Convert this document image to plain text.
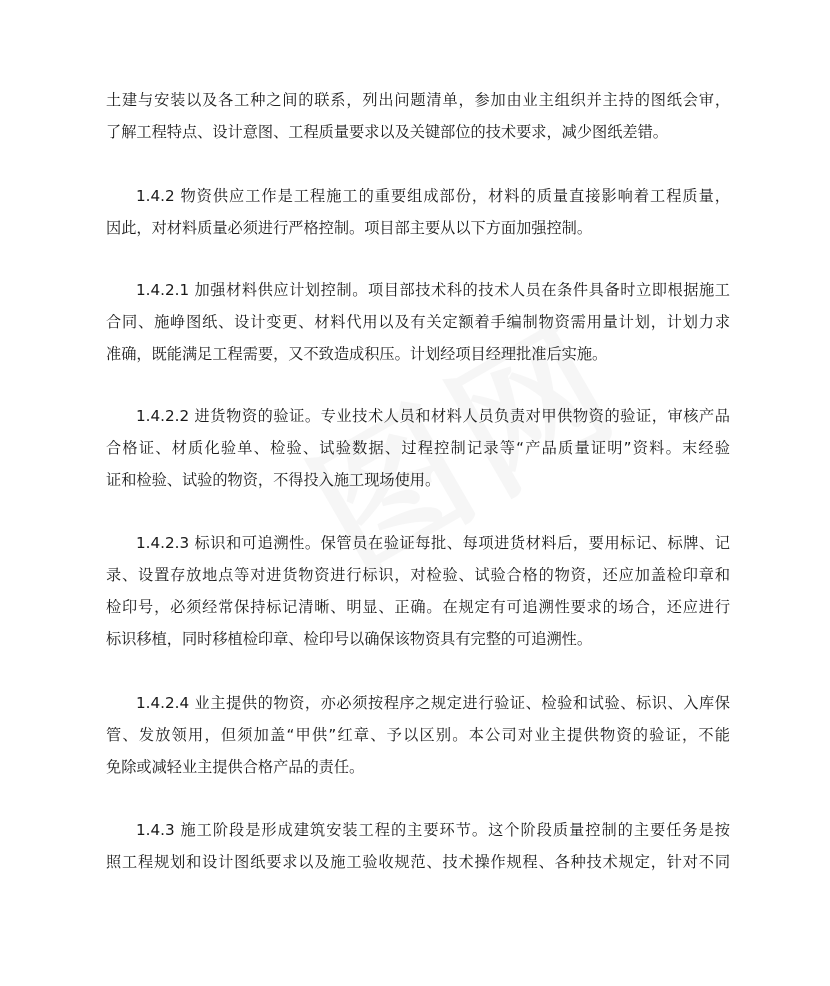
土建与安装以及各工种之间的联系，列出问题清单，参加由业主组织并主持的图纸会审，
了解工程特点、设计意图、工程质量要求以及关键部位的技术要求，减少图纸差错。

1.4.2 物资供应工作是工程施工的重要组成部份，材料的质量直接影响着工程质量，
因此，对材料质量必须进行严格控制。项目部主要从以下方面加强控制。

1.4.2.1 加强材料供应计划控制。项目部技术科的技术人员在条件具备时立即根据施工
合同、施峥图纸、设计变更、材料代用以及有关定额着手编制物资需用量计划，计划力求
准确，既能满足工程需要，又不致造成积压。计划经项目经理批准后实施。

1.4.2.2 进货物资的验证。专业技术人员和材料人员负责对甲供物资的验证，审核产品
合格证、材质化验单、检验、试验数据、过程控制记录等“产品质量证明”资料。末经验
证和检验、试验的物资，不得投入施工现场使用。

1.4.2.3 标识和可追溯性。保管员在验证每批、每项进货材料后，要用标记、标牌、记
录、设置存放地点等对进货物资进行标识，对检验、试验合格的物资，还应加盖检印章和
检印号，必须经常保持标记清晰、明显、正确。在规定有可追溯性要求的场合，还应进行
标识移植，同时移植检印章、检印号以确保该物资具有完整的可追溯性。

1.4.2.4 业主提供的物资，亦必须按程序之规定进行验证、检验和试验、标识、入库保
管、发放领用，但须加盖“甲供”红章、予以区别。本公司对业主提供物资的验证，不能
免除或减轻业主提供合格产品的责任。

1.4.3 施工阶段是形成建筑安装工程的主要环节。这个阶段质量控制的主要任务是按
照工程规划和设计图纸要求以及施工验收规范、技术操作规程、各种技术规定，针对不同
